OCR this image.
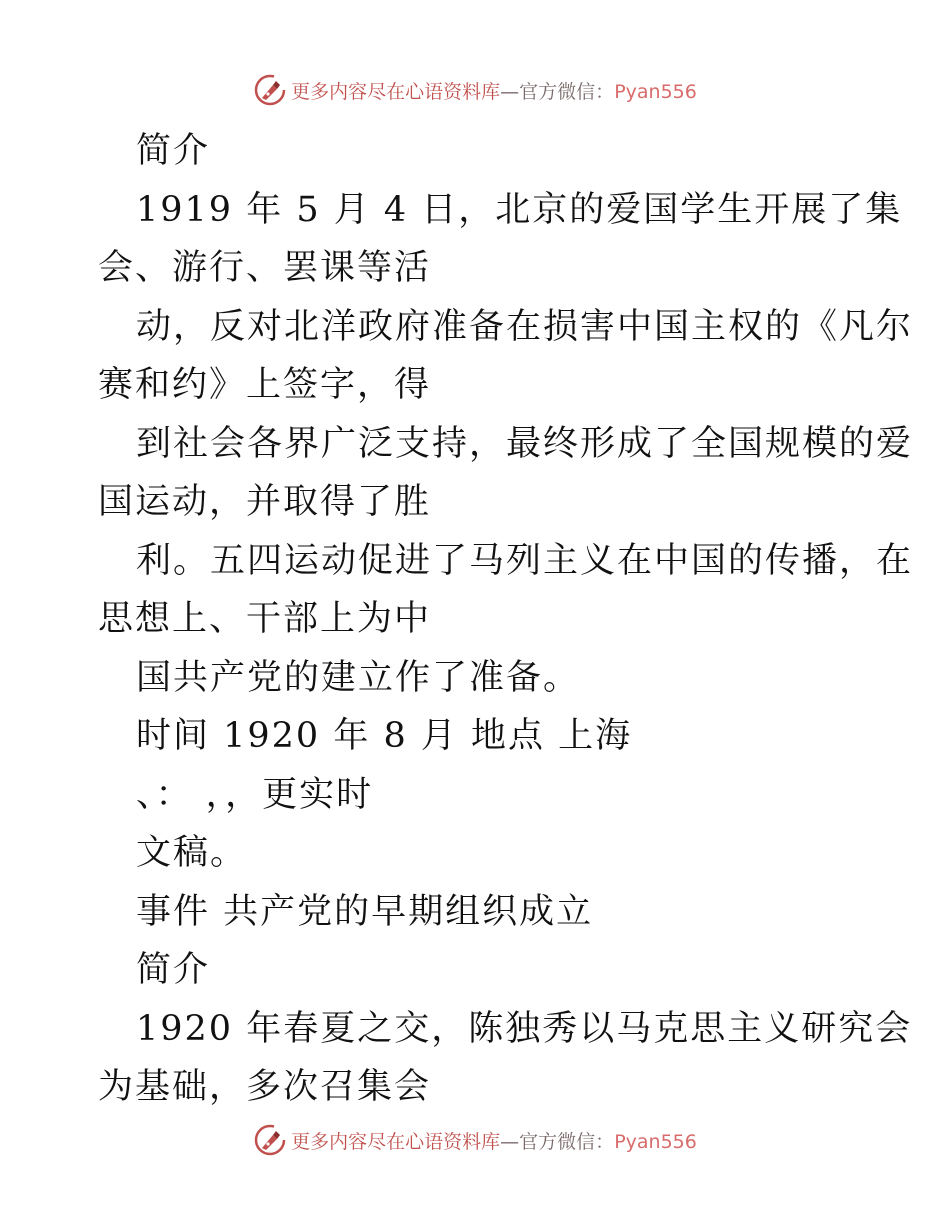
更多内容尽在心语资料库—官方微信：Pyan556
简介
1919 年 5 月 4 日，北京的爱国学生开展了集
会、游行、罢课等活
动，反对北洋政府准备在损害中国主权的《凡尔
赛和约》上签字，得
到社会各界广泛支持，最终形成了全国规模的爱
国运动，并取得了胜
利。五四运动促进了马列主义在中国的传播，在
思想上、干部上为中
国共产党的建立作了准备。
时间 1920 年 8 月 地点 上海
、： ，，更实时
文稿。
事件 共产党的早期组织成立
简介
1920 年春夏之交，陈独秀以马克思主义研究会
为基础，多次召集会
更多内容尽在心语资料库—官方微信：Pyan556
